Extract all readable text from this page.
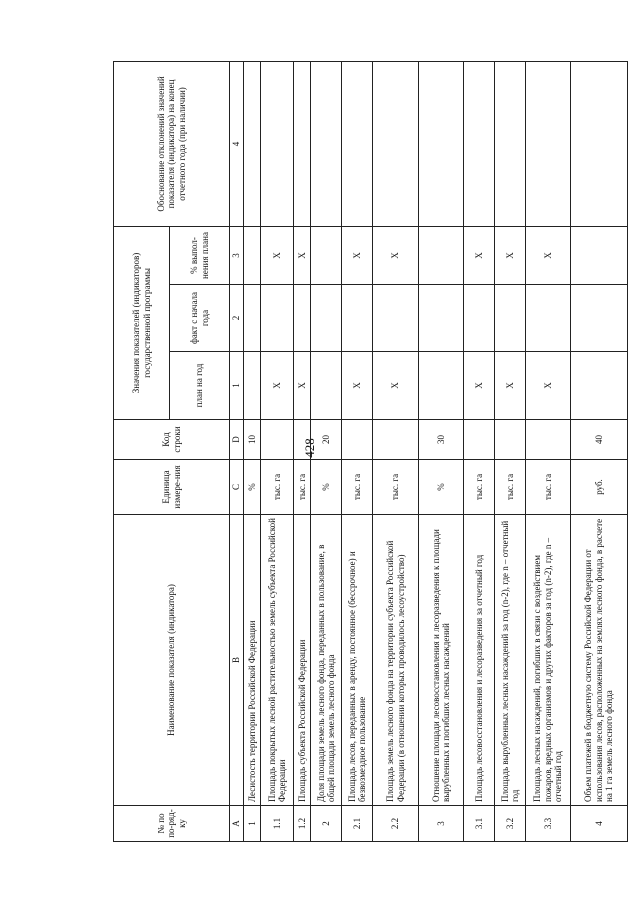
428
№ по по-ряд-ку	Наименование показателя (индикатора)	Единица измере-ния	Код строки	Значения показателей (индикаторов) государственной программы			Обоснование отклонений значений показателя (индикатора) на конец отчетного года (при наличии)
				план на год	факт с начала года	% выпол-нения плана	
A	B	C	D	1	2	3	4
1	Лесистость территории Российской Федерации	%	10				
1.1	Площадь покрытых лесной растительностью земель субъекта Российской Федерации	тыс. га		X		X	
1.2	Площадь субъекта Российской Федерации	тыс. га		X		X	
2	Доля площади земель лесного фонда, переданных в пользование, в общей площади земель лесного фонда	%	20				
2.1	Площадь лесов, переданных в аренду, постоянное (бессрочное) и безвозмездное пользование	тыс. га		X		X	
2.2	Площадь земель лесного фонда на территории субъекта Российской Федерации (в отношении которых проводилось лесоустройство)	тыс. га		X		X	
3	Отношение площади лесовосстановления и лесоразведения к площади вырубленных и погибших лесных насаждений	%	30				
3.1	Площадь лесовосстановления и лесоразведения за отчетный год	тыс. га		X		X	
3.2	Площадь вырубленных лесных насаждений за год (n-2), где n – отчетный год	тыс. га		X		X	
3.3	Площадь лесных насаждений, погибших в связи с воздействием пожаров, вредных организмов и других факторов за год (n-2), где n – отчетный год	тыс. га		X		X	
4	Объем платежей в бюджетную систему Российской Федерации от использования лесов, расположенных на землях лесного фонда, в расчете на 1 га земель лесного фонда	руб.	40				
